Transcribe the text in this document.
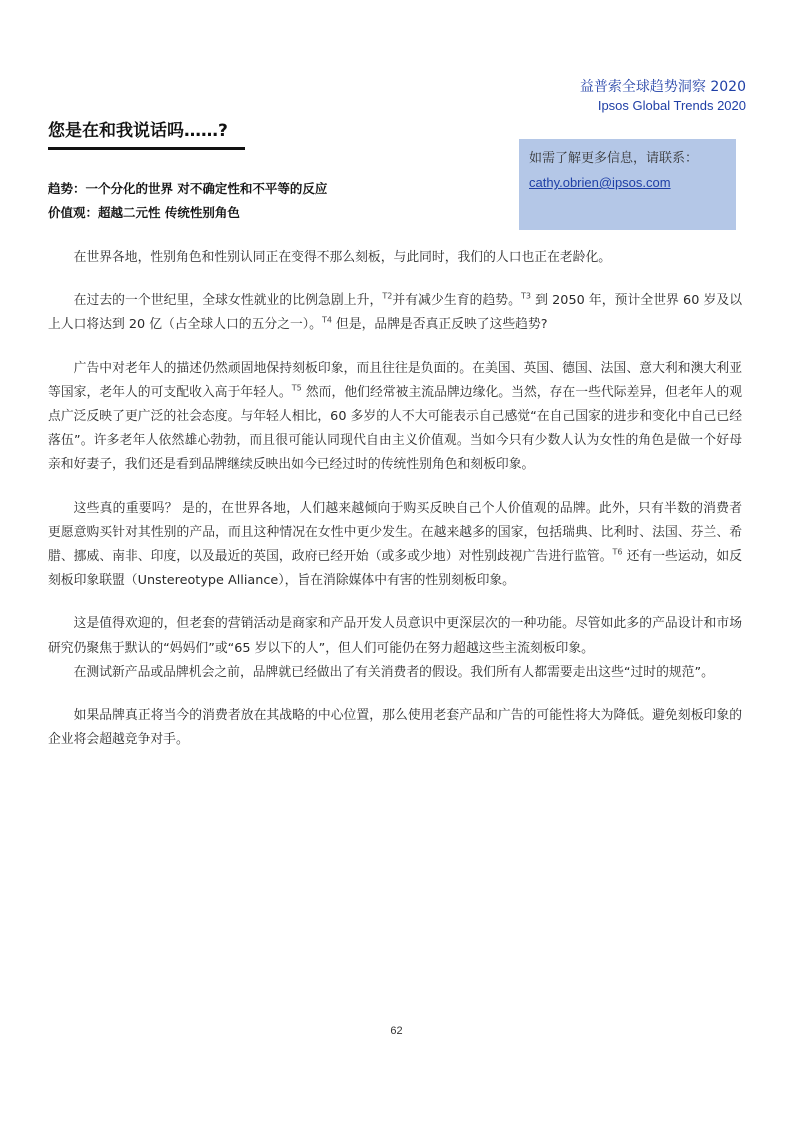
益普索全球趋势洞察 2020
Ipsos Global Trends 2020
您是在和我说话吗……?
如需了解更多信息，请联系：
cathy.obrien@ipsos.com
趋势：一个分化的世界 对不确定性和不平等的反应
价值观：超越二元性 传统性别角色

在世界各地，性别角色和性别认同正在变得不那么刻板，与此同时，我们的人口也正在老龄化。

在过去的一个世纪里，全球女性就业的比例急剧上升，$^{T2}$并有减少生育的趋势。$^{T3}$ 到 2050 年，预计全世界 60 岁及以上人口将达到 20 亿（占全球人口的五分之一）。$^{T4}$ 但是，品牌是否真正反映了这些趋势?

广告中对老年人的描述仍然顽固地保持刻板印象，而且往往是负面的。在美国、英国、德国、法国、意大利和澳大利亚等国家，老年人的可支配收入高于年轻人。$^{T5}$ 然而，他们经常被主流品牌边缘化。当然，存在一些代际差异，但老年人的观点广泛反映了更广泛的社会态度。与年轻人相比，60 多岁的人不大可能表示自己感觉“在自己国家的进步和变化中自己已经落伍”。许多老年人依然雄心勃勃，而且很可能认同现代自由主义价值观。当如今只有少数人认为女性的角色是做一个好母亲和好妻子，我们还是看到品牌继续反映出如今已经过时的传统性别角色和刻板印象。

这些真的重要吗？ 是的，在世界各地，人们越来越倾向于购买反映自己个人价值观的品牌。此外，只有半数的消费者更愿意购买针对其性别的产品，而且这种情况在女性中更少发生。在越来越多的国家，包括瑞典、比利时、法国、芬兰、希腊、挪威、南非、印度，以及最近的英国，政府已经开始（或多或少地）对性别歧视广告进行监管。$^{T6}$ 还有一些运动，如反刻板印象联盟（Unstereotype Alliance），旨在消除媒体中有害的性别刻板印象。

这是值得欢迎的，但老套的营销活动是商家和产品开发人员意识中更深层次的一种功能。尽管如此多的产品设计和市场研究仍聚焦于默认的“妈妈们”或“65 岁以下的人”，但人们可能仍在努力超越这些主流刻板印象。

在测试新产品或品牌机会之前，品牌就已经做出了有关消费者的假设。我们所有人都需要走出这些“过时的规范”。

如果品牌真正将当今的消费者放在其战略的中心位置，那么使用老套产品和广告的可能性将大为降低。避免刻板印象的企业将会超越竞争对手。

62
